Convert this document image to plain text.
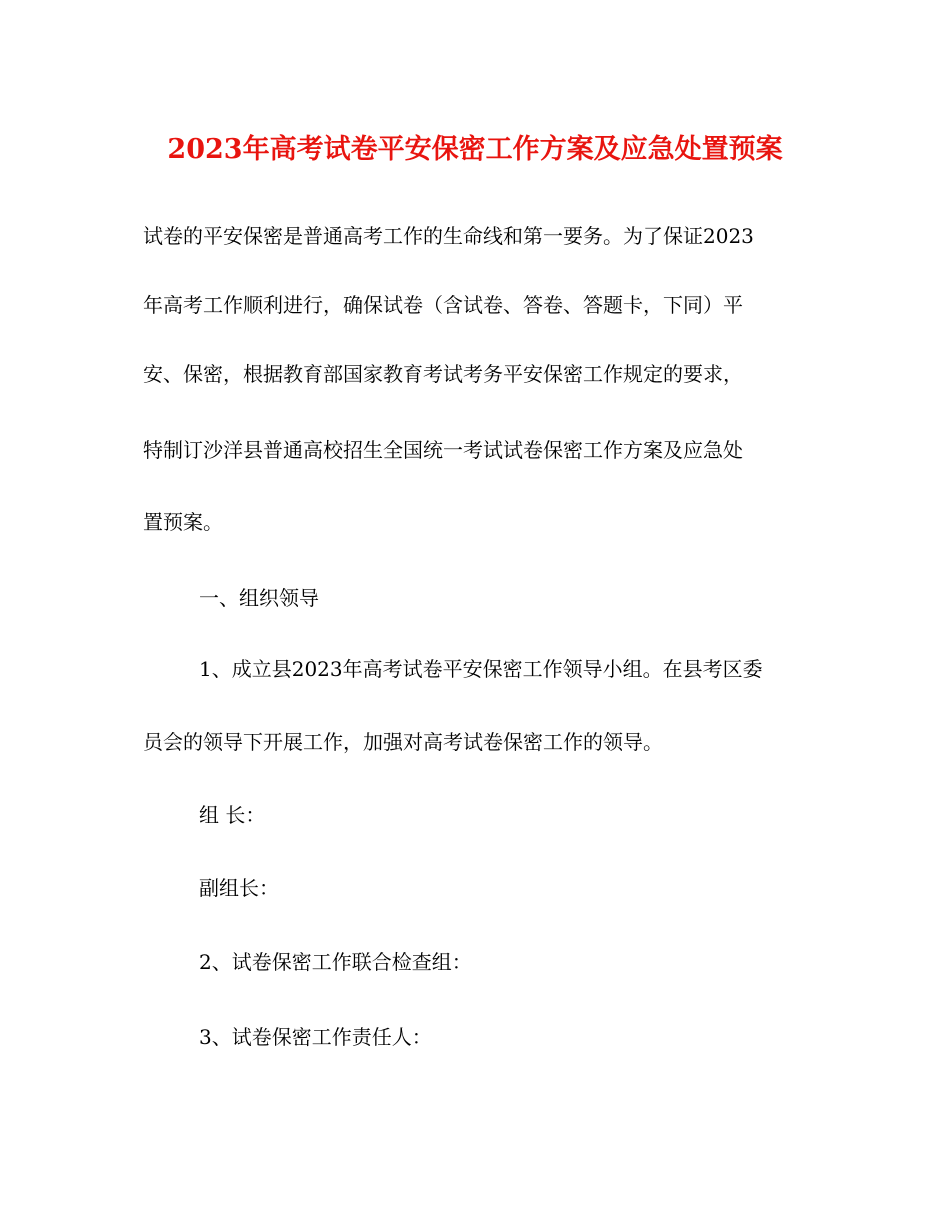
2023年高考试卷平安保密工作方案及应急处置预案
试卷的平安保密是普通高考工作的生命线和第一要务。为了保证2023
年高考工作顺利进行，确保试卷（含试卷、答卷、答题卡，下同）平
安、保密，根据教育部国家教育考试考务平安保密工作规定的要求，
特制订沙洋县普通高校招生全国统一考试试卷保密工作方案及应急处
置预案。
一、组织领导
1、成立县2023年高考试卷平安保密工作领导小组。在县考区委
员会的领导下开展工作，加强对高考试卷保密工作的领导。
组 长：
副组长：
2、试卷保密工作联合检查组：
3、试卷保密工作责任人：
